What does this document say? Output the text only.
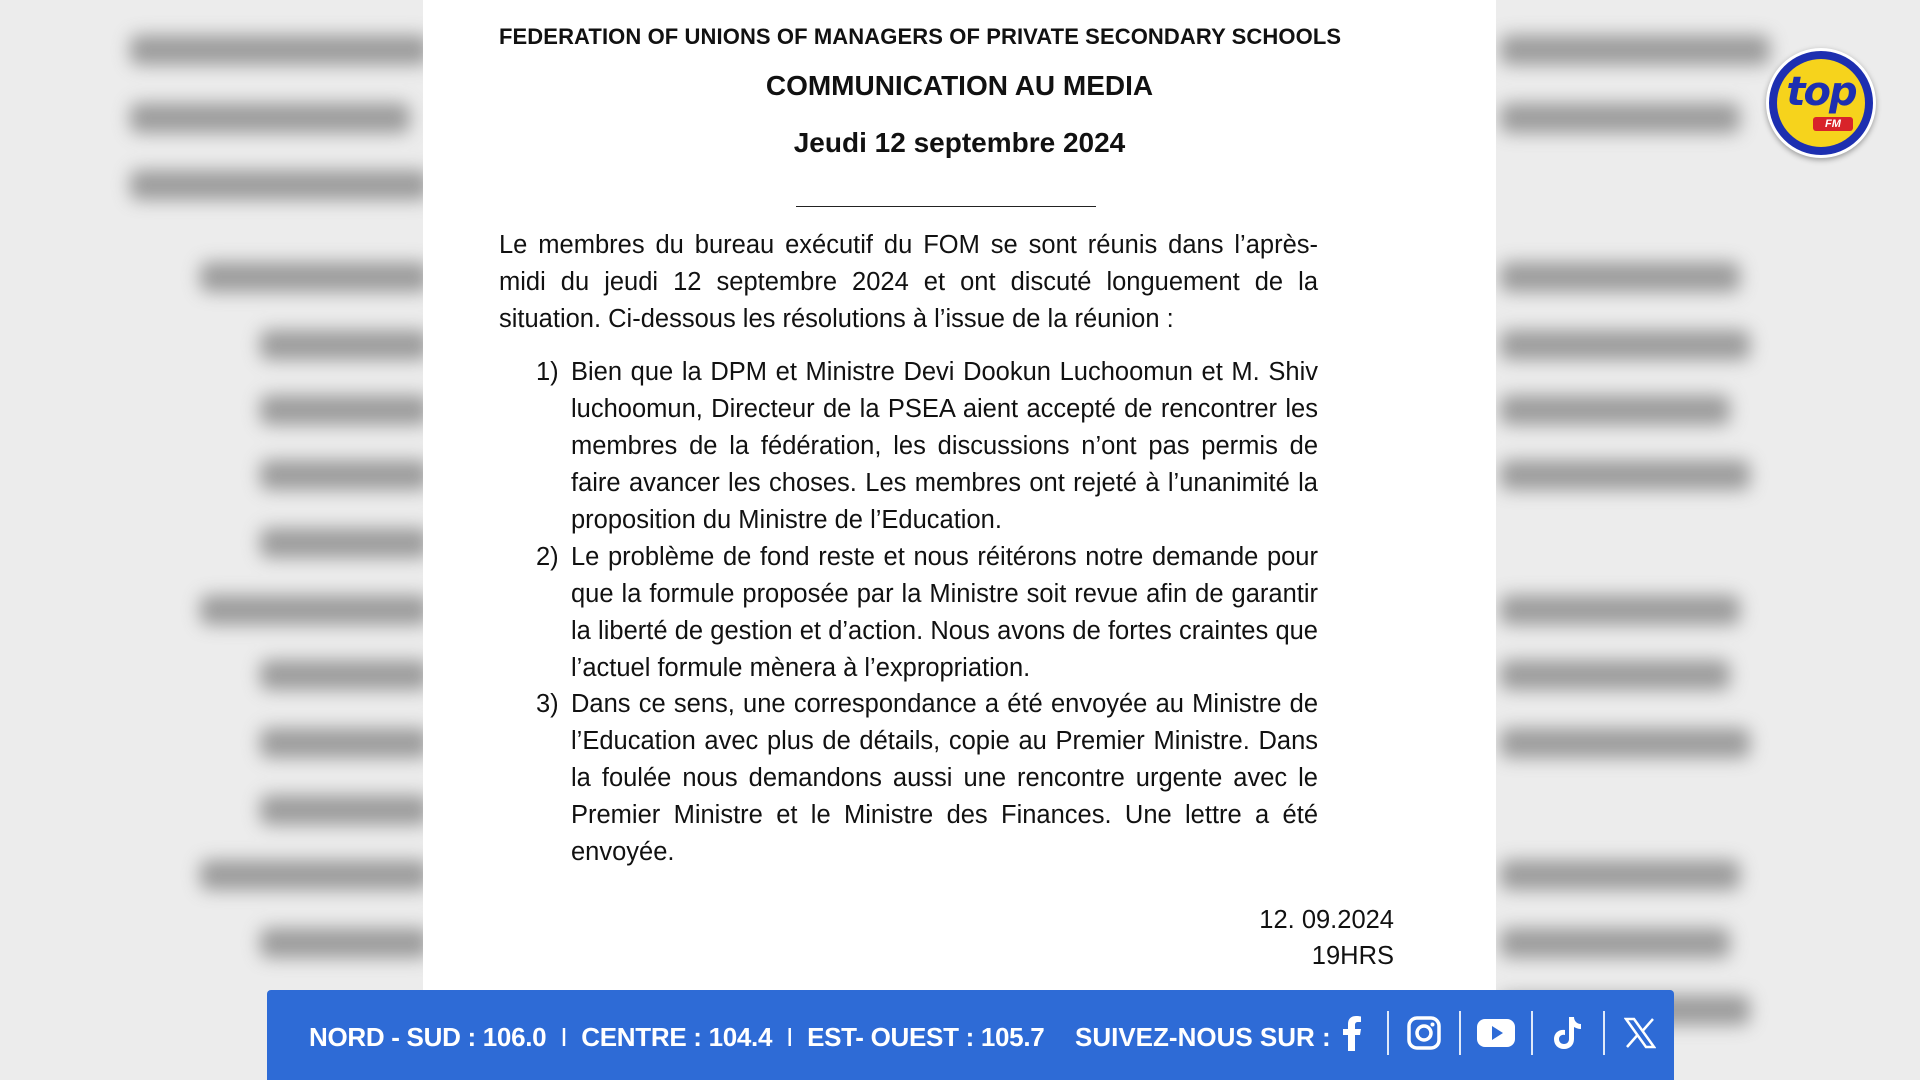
FEDERATION OF UNIONS OF MANAGERS OF PRIVATE SECONDARY SCHOOLS
COMMUNICATION AU MEDIA
Jeudi 12 septembre 2024
Le membres du bureau exécutif du FOM se sont réunis dans l’après-midi du jeudi 12 septembre 2024 et ont discuté longuement de la situation. Ci-dessous les résolutions à l’issue de la réunion :
1) Bien que la DPM et Ministre Devi Dookun Luchoomun et M. Shiv luchoomun, Directeur de la PSEA aient accepté de rencontrer les membres de la fédération, les discussions n’ont pas permis de faire avancer les choses. Les membres ont rejeté à l’unanimité la proposition du Ministre de l’Education.
2) Le problème de fond reste et nous réitérons notre demande pour que la formule proposée par la Ministre soit revue afin de garantir la liberté de gestion et d’action. Nous avons de fortes craintes que l’actuel formule mènera à l’expropriation.
3) Dans ce sens, une correspondance a été envoyée au Ministre de l’Education avec plus de détails, copie au Premier Ministre. Dans la foulée nous demandons aussi une rencontre urgente avec le Premier Ministre et le Ministre des Finances. Une lettre a été envoyée.
12. 09.2024
19HRS
top
FM
NORD - SUD : 106.0 I CENTRE : 104.4 I EST- OUEST : 105.7 SUIVEZ-NOUS SUR :
